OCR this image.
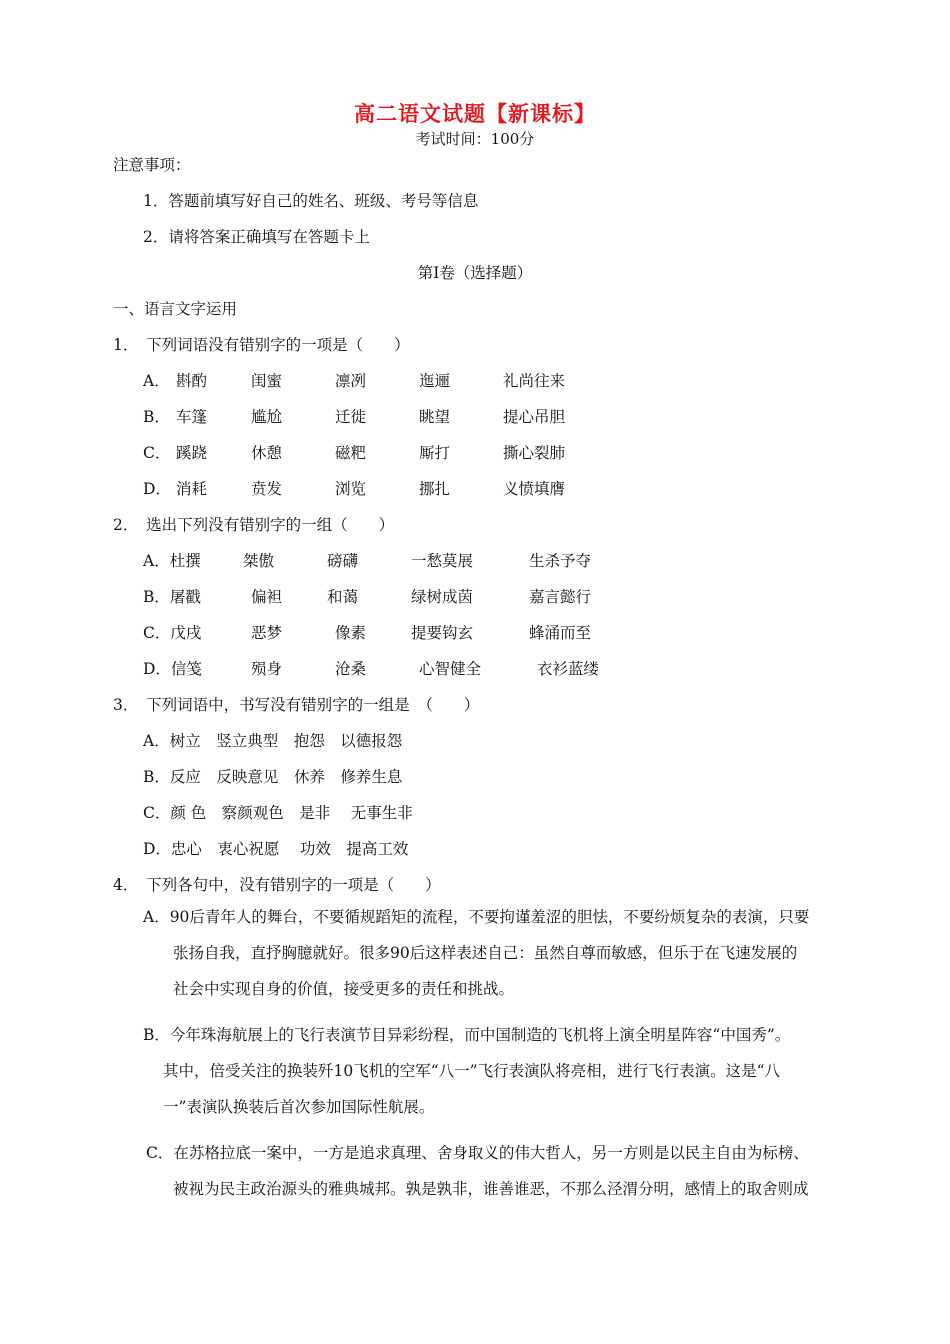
高二语文试题【新课标】
考试时间：100分
注意事项：
1．答题前填写好自己的姓名、班级、考号等信息
2．请将答案正确填写在答题卡上
第I卷（选择题）
一、语言文字运用
1．　下列词语没有错别字的一项是（　　）
A． 斟酌	闺蜜	凛冽	迤逦	礼尚往来
B． 车篷	尴尬	迁徙	眺望	提心吊胆
C． 蹊跷	休憩	磁粑	厮打	撕心裂肺
D． 消耗	贲发	浏览	挪扎	义愤填膺
2．　选出下列没有错别字的一组（　　）
A．杜撰	桀傲	磅礴	一愁莫展	生杀予夺
B．屠戳	偏袒	和蔼	绿树成茵	嘉言懿行
C．戊戌	恶梦	像素	提要钩玄	蜂涌而至
D．信笺	殒身	沧桑	心智健全	衣衫蓝缕
3．　下列词语中，书写没有错别字的一组是　（　　）
A．树立　竖立典型　抱怨　以德报怨
B．反应　反映意见　休养　修养生息
C．颜 色　察颜观色　是非　 无事生非
D．忠心　衷心祝愿　 功效　提高工效
4．　下列各句中，没有错别字的一项是（　　）
A．90后青年人的舞台，不要循规蹈矩的流程，不要拘谨羞涩的胆怯，不要纷烦复杂的表演，只要
张扬自我，直抒胸臆就好。很多90后这样表述自己：虽然自尊而敏感，但乐于在飞速发展的
社会中实现自身的价值，接受更多的责任和挑战。
B．今年珠海航展上的飞行表演节目异彩纷程，而中国制造的飞机将上演全明星阵容“中国秀”。
其中，倍受关注的换装歼10飞机的空军“八一”飞行表演队将亮相，进行飞行表演。这是“八
一”表演队换装后首次参加国际性航展。
C．在苏格拉底一案中，一方是追求真理、舍身取义的伟大哲人，另一方则是以民主自由为标榜、
被视为民主政治源头的雅典城邦。孰是孰非，谁善谁恶，不那么泾渭分明，感情上的取舍则成
